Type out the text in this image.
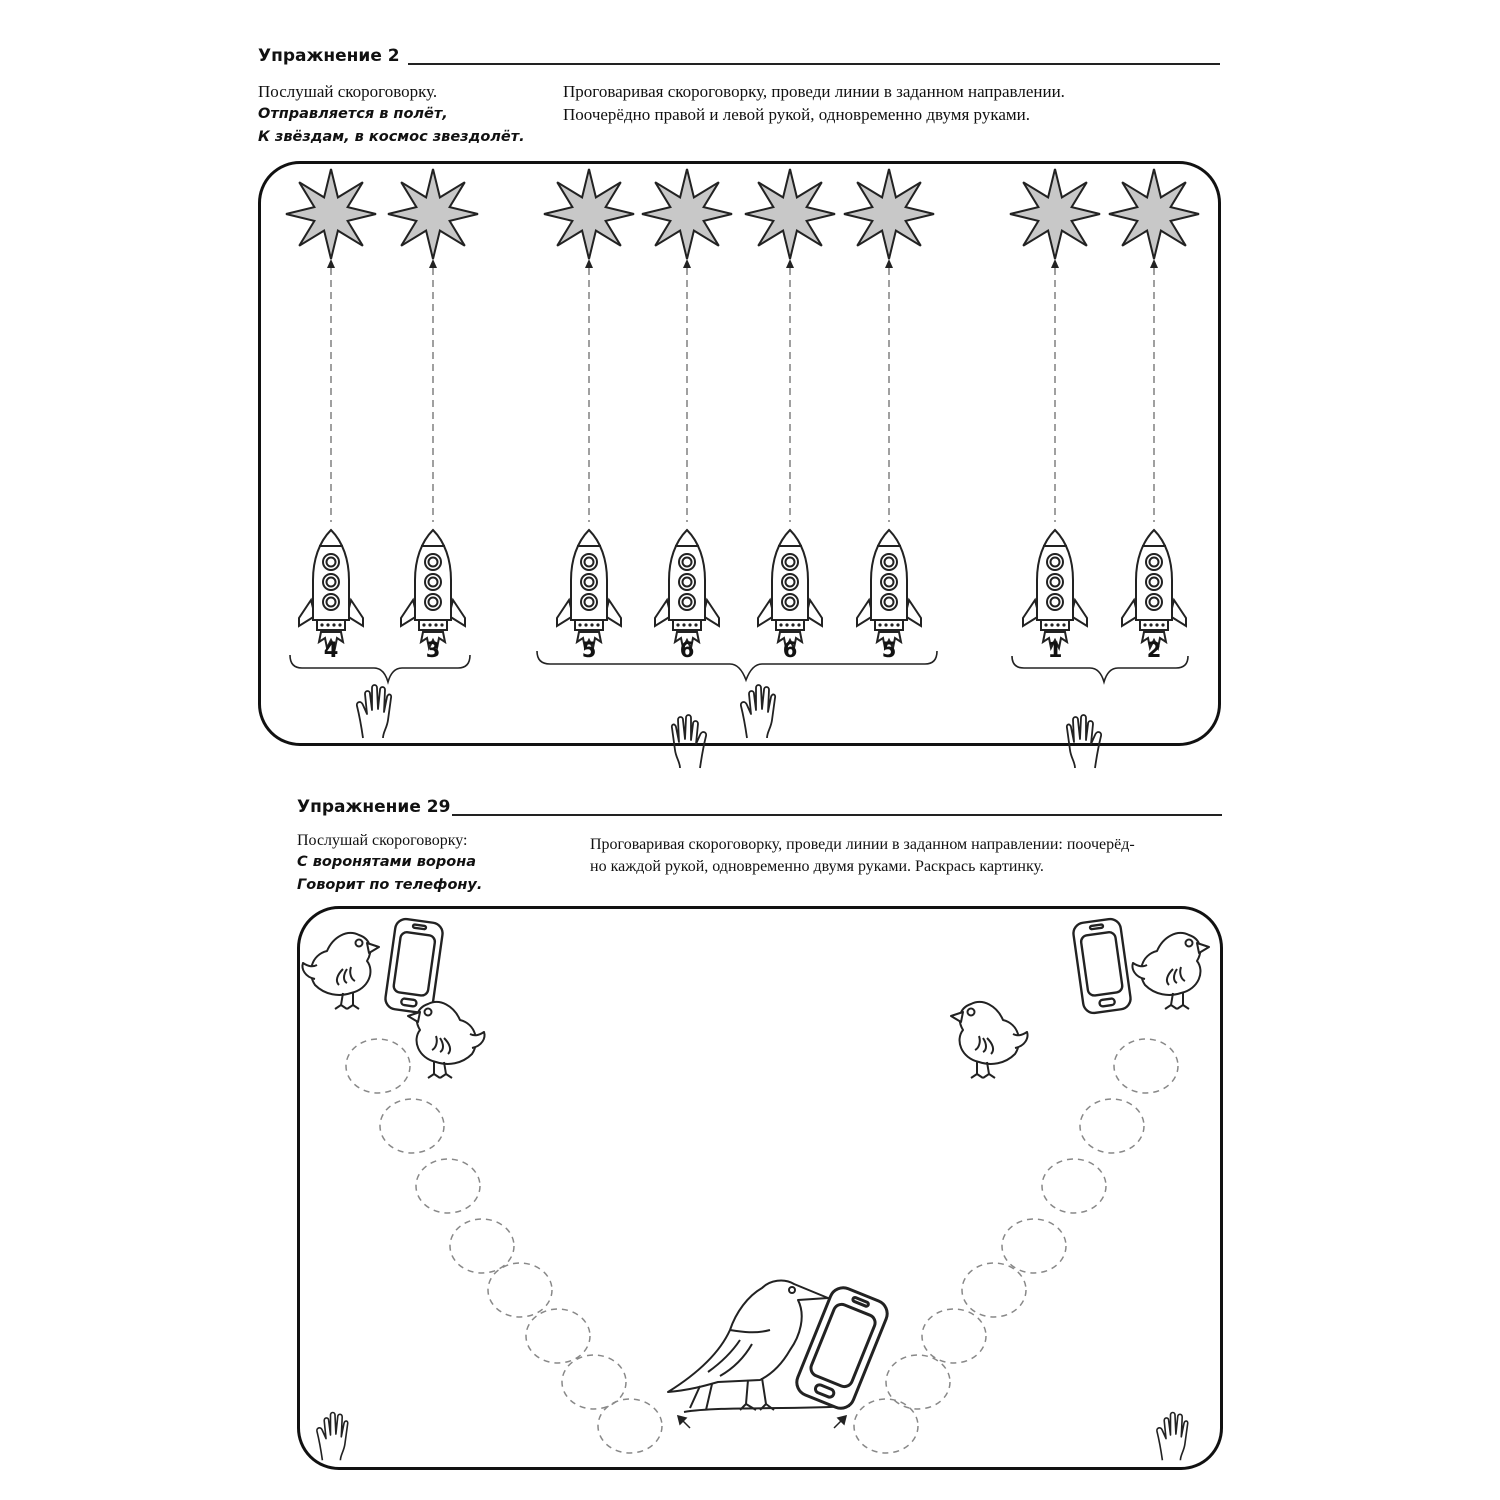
Упражнение 2
Послушай скороговорку.
Отправляется в полёт,
К звёздам, в космос звездолёт.
Проговаривая скороговорку, проведи линии в заданном направлении.
Поочерёдно правой и левой рукой, одновременно двумя руками.
4	3	5	6	6	5	1	2
Упражнение 29
Послушай скороговорку:
С воронятами ворона
Говорит по телефону.
Проговаривая скороговорку, проведи линии в заданном направлении: поочерёд-
но каждой рукой, одновременно двумя руками. Раскрась картинку.
